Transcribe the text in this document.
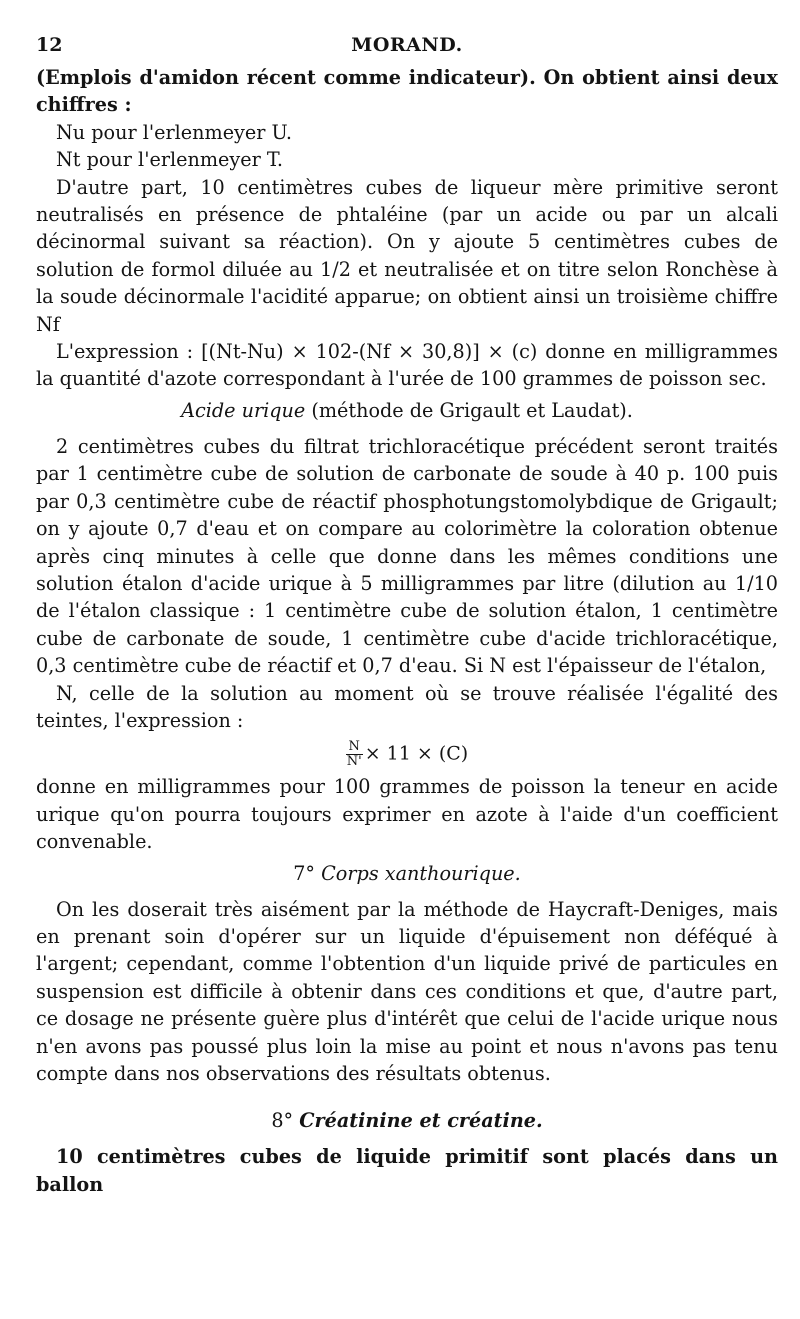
12	MORAND.

(Emplois d'amidon récent comme indicateur). On obtient ainsi deux chiffres :

Nu pour l'erlenmeyer U.

Nt pour l'erlenmeyer T.

D'autre part, 10 centimètres cubes de liqueur mère primitive seront neutralisés en présence de phtaléine (par un acide ou par un alcali décinormal suivant sa réaction). On y ajoute 5 centimètres cubes de solution de formol diluée au 1/2 et neutralisée et on titre selon Ronchèse à la soude décinormale l'acidité apparue; on obtient ainsi un troisième chiffre Nf

L'expression : [(Nt-Nu) × 102-(Nf × 30,8)] × (c) donne en milligrammes la quantité d'azote correspondant à l'urée de 100 grammes de poisson sec.

Acide urique (méthode de Grigault et Laudat).

2 centimètres cubes du filtrat trichloracétique précédent seront traités par 1 centimètre cube de solution de carbonate de soude à 40 p. 100 puis par 0,3 centimètre cube de réactif phosphotungstomolybdique de Grigault; on y ajoute 0,7 d'eau et on compare au colorimètre la coloration obtenue après cinq minutes à celle que donne dans les mêmes conditions une solution étalon d'acide urique à 5 milligrammes par litre (dilution au 1/10 de l'étalon classique : 1 centimètre cube de solution étalon, 1 centimètre cube de carbonate de soude, 1 centimètre cube d'acide trichloracétique, 0,3 centimètre cube de réactif et 0,7 d'eau. Si N est l'épaisseur de l'étalon,

N, celle de la solution au moment où se trouve réalisée l'égalité des teintes, l'expression :

$\frac{N}{N'} \times 11 \times (C)$

donne en milligrammes pour 100 grammes de poisson la teneur en acide urique qu'on pourra toujours exprimer en azote à l'aide d'un coefficient convenable.

7° Corps xanthourique.

On les doserait très aisément par la méthode de Haycraft-Deniges, mais en prenant soin d'opérer sur un liquide d'épuisement non déféqué à l'argent; cependant, comme l'obtention d'un liquide privé de particules en suspension est difficile à obtenir dans ces conditions et que, d'autre part, ce dosage ne présente guère plus d'intérêt que celui de l'acide urique nous n'en avons pas poussé plus loin la mise au point et nous n'avons pas tenu compte dans nos observations des résultats obtenus.

8° Créatinine et créatine.

10 centimètres cubes de liquide primitif sont placés dans un ballon
